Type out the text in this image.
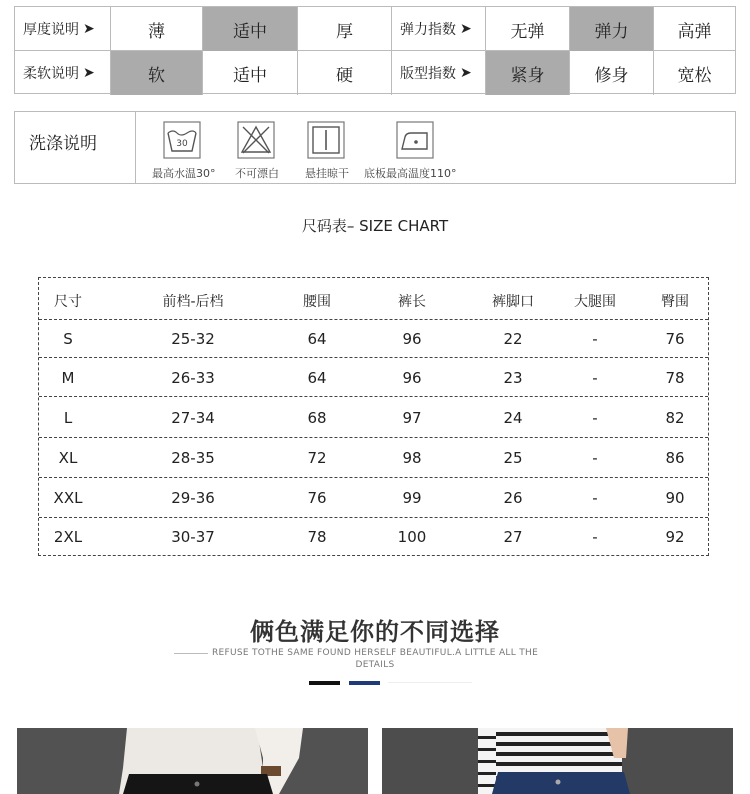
厚度说明 ➤	薄	适中	厚	弹力指数 ➤	无弹	弹力	高弹
柔软说明 ➤	软	适中	硬	版型指数 ➤	紧身	修身	宽松
洗涤说明	30
最高水温30° 不可漂白 悬挂晾干 底板最高温度110°
尺码表– SIZE CHART
尺寸	前档-后档	腰围	裤长	裤脚口	大腿围	臀围
S	25-32	64	96	22	-	76
M	26-33	64	96	23	-	78
L	27-34	68	97	24	-	82
XL	28-35	72	98	25	-	86
XXL	29-36	76	99	26	-	90
2XL	30-37	78	100	27	-	92
俩色满足你的不同选择
REFUSE TOTHE SAME FOUND HERSELF BEAUTIFUL.A LITTLE ALL THE DETAILS
